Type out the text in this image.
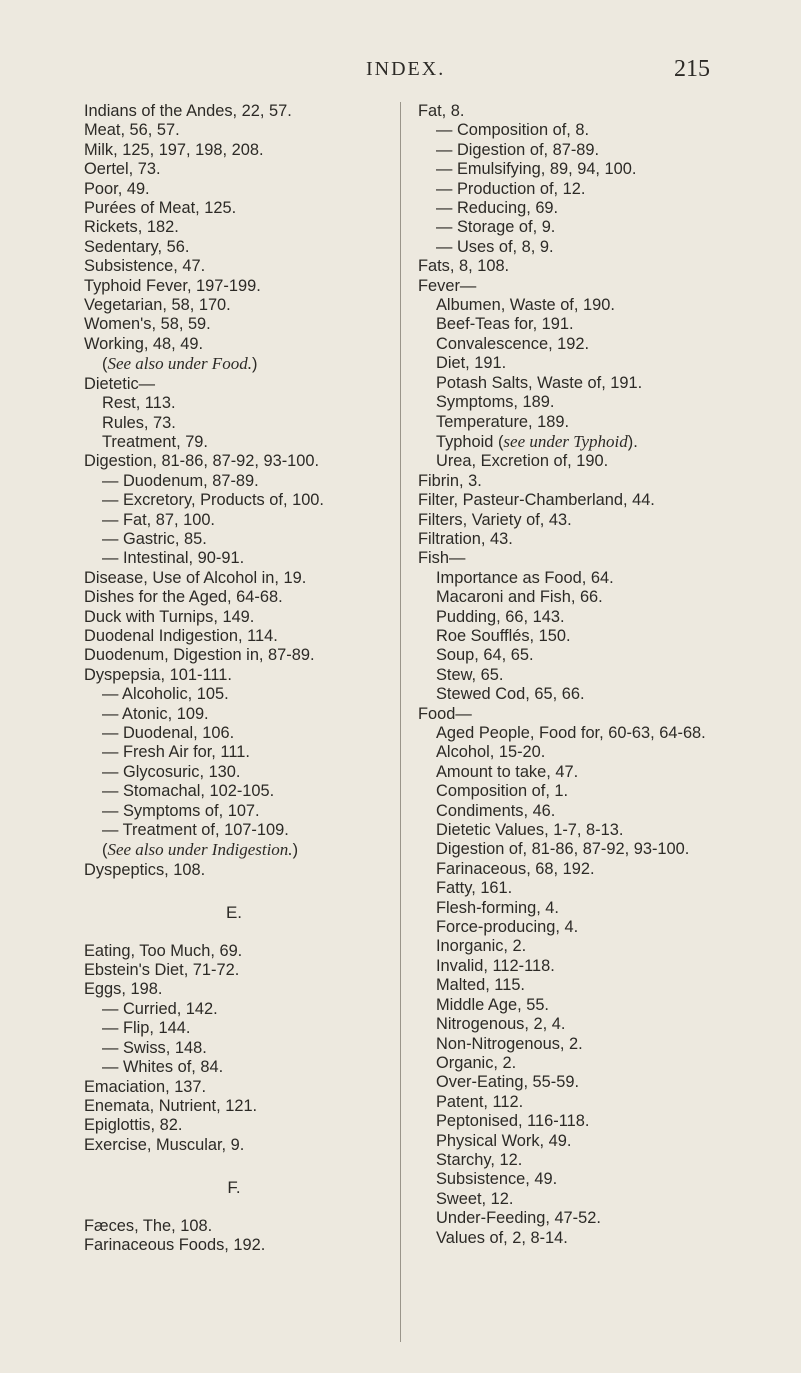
INDEX.	215
Indians of the Andes, 22, 57.
Meat, 56, 57.
Milk, 125, 197, 198, 208.
Oertel, 73.
Poor, 49.
Purées of Meat, 125.
Rickets, 182.
Sedentary, 56.
Subsistence, 47.
Typhoid Fever, 197-199.
Vegetarian, 58, 170.
Women's, 58, 59.
Working, 48, 49.
(See also under Food.)
Dietetic—
Rest, 113.
Rules, 73.
Treatment, 79.
Digestion, 81-86, 87-92, 93-100.
— Duodenum, 87-89.
— Excretory, Products of, 100.
— Fat, 87, 100.
— Gastric, 85.
— Intestinal, 90-91.
Disease, Use of Alcohol in, 19.
Dishes for the Aged, 64-68.
Duck with Turnips, 149.
Duodenal Indigestion, 114.
Duodenum, Digestion in, 87-89.
Dyspepsia, 101-111.
— Alcoholic, 105.
— Atonic, 109.
— Duodenal, 106.
— Fresh Air for, 111.
— Glycosuric, 130.
— Stomachal, 102-105.
— Symptoms of, 107.
— Treatment of, 107-109.
(See also under Indigestion.)
Dyspeptics, 108.
E.
Eating, Too Much, 69.
Ebstein's Diet, 71-72.
Eggs, 198.
— Curried, 142.
— Flip, 144.
— Swiss, 148.
— Whites of, 84.
Emaciation, 137.
Enemata, Nutrient, 121.
Epiglottis, 82.
Exercise, Muscular, 9.
F.
Fæces, The, 108.
Farinaceous Foods, 192.
Fat, 8.
— Composition of, 8.
— Digestion of, 87-89.
— Emulsifying, 89, 94, 100.
— Production of, 12.
— Reducing, 69.
— Storage of, 9.
— Uses of, 8, 9.
Fats, 8, 108.
Fever—
Albumen, Waste of, 190.
Beef-Teas for, 191.
Convalescence, 192.
Diet, 191.
Potash Salts, Waste of, 191.
Symptoms, 189.
Temperature, 189.
Typhoid (see under Typhoid).
Urea, Excretion of, 190.
Fibrin, 3.
Filter, Pasteur-Chamberland, 44.
Filters, Variety of, 43.
Filtration, 43.
Fish—
Importance as Food, 64.
Macaroni and Fish, 66.
Pudding, 66, 143.
Roe Soufflés, 150.
Soup, 64, 65.
Stew, 65.
Stewed Cod, 65, 66.
Food—
Aged People, Food for, 60-63, 64-68.
Alcohol, 15-20.
Amount to take, 47.
Composition of, 1.
Condiments, 46.
Dietetic Values, 1-7, 8-13.
Digestion of, 81-86, 87-92, 93-100.
Farinaceous, 68, 192.
Fatty, 161.
Flesh-forming, 4.
Force-producing, 4.
Inorganic, 2.
Invalid, 112-118.
Malted, 115.
Middle Age, 55.
Nitrogenous, 2, 4.
Non-Nitrogenous, 2.
Organic, 2.
Over-Eating, 55-59.
Patent, 112.
Peptonised, 116-118.
Physical Work, 49.
Starchy, 12.
Subsistence, 49.
Sweet, 12.
Under-Feeding, 47-52.
Values of, 2, 8-14.
